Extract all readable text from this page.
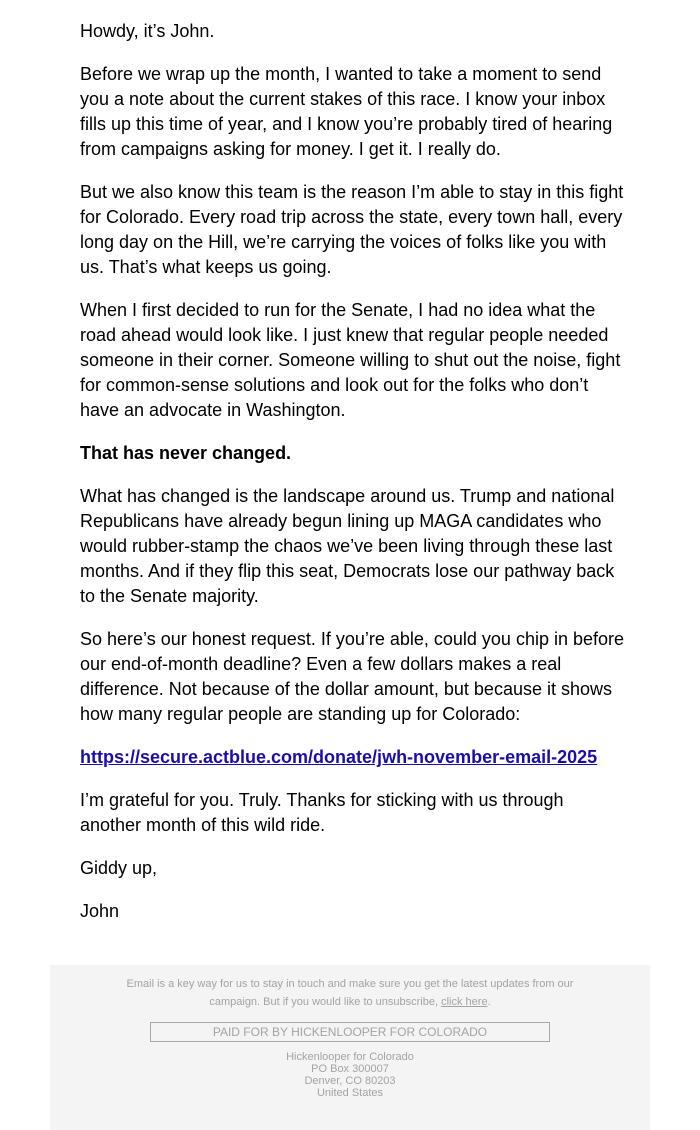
Howdy, it’s John.

Before we wrap up the month, I wanted to take a moment to send you a note about the current stakes of this race. I know your inbox fills up this time of year, and I know you’re probably tired of hearing from campaigns asking for money. I get it. I really do.

But we also know this team is the reason I’m able to stay in this fight for Colorado. Every road trip across the state, every town hall, every long day on the Hill, we’re carrying the voices of folks like you with us. That’s what keeps us going.

When I first decided to run for the Senate, I had no idea what the road ahead would look like. I just knew that regular people needed someone in their corner. Someone willing to shut out the noise, fight for common-sense solutions and look out for the folks who don’t have an advocate in Washington.

That has never changed.

What has changed is the landscape around us. Trump and national Republicans have already begun lining up MAGA candidates who would rubber-stamp the chaos we’ve been living through these last months. And if they flip this seat, Democrats lose our pathway back to the Senate majority.

So here’s our honest request. If you’re able, could you chip in before our end-of-month deadline? Even a few dollars makes a real difference. Not because of the dollar amount, but because it shows how many regular people are standing up for Colorado:

https://secure.actblue.com/donate/jwh-november-email-2025

I’m grateful for you. Truly. Thanks for sticking with us through another month of this wild ride.

Giddy up,

John

Email is a key way for us to stay in touch and make sure you get the latest updates from our campaign. But if you would like to unsubscribe, click here.
PAID FOR BY HICKENLOOPER FOR COLORADO
Hickenlooper for Colorado
PO Box 300007
Denver, CO 80203
United States
